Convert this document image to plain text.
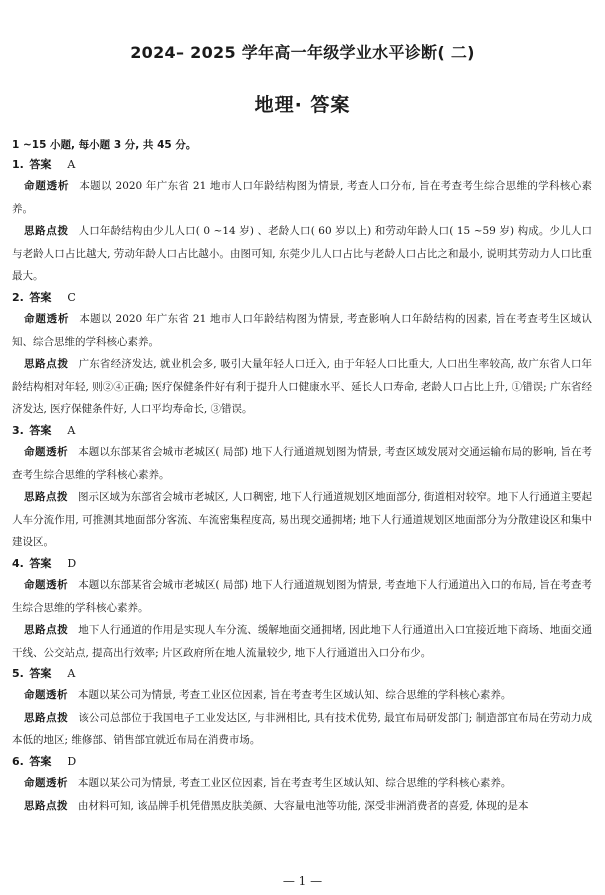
2024– 2025 学年高一年级学业水平诊断( 二)
地理· 答案
1 ~15 小题, 每小题 3 分, 共 45 分。
1. 答案 A

命题透析 本题以 2020 年广东省 21 地市人口年龄结构图为情景, 考查人口分布, 旨在考查考生综合思维的学科核心素养。

思路点拨 人口年龄结构由少儿人口( 0 ~14 岁) 、老龄人口( 60 岁以上) 和劳动年龄人口( 15 ~59 岁) 构成。少儿人口与老龄人口占比越大, 劳动年龄人口占比越小。由图可知, 东莞少儿人口占比与老龄人口占比之和最小, 说明其劳动力人口比重最大。

2. 答案 C

命题透析 本题以 2020 年广东省 21 地市人口年龄结构图为情景, 考查影响人口年龄结构的因素, 旨在考查考生区域认知、综合思维的学科核心素养。

思路点拨 广东省经济发达, 就业机会多, 吸引大量年轻人口迁入, 由于年轻人口比重大, 人口出生率较高, 故广东省人口年龄结构相对年轻, 则②④正确; 医疗保健条件好有利于提升人口健康水平、延长人口寿命, 老龄人口占比上升, ①错误; 广东省经济发达, 医疗保健条件好, 人口平均寿命长, ③错误。

3. 答案 A

命题透析 本题以东部某省会城市老城区( 局部) 地下人行通道规划图为情景, 考查区域发展对交通运输布局的影响, 旨在考查考生综合思维的学科核心素养。

思路点拨 图示区域为东部省会城市老城区, 人口稠密, 地下人行通道规划区地面部分, 街道相对较窄。地下人行通道主要起人车分流作用, 可推测其地面部分客流、车流密集程度高, 易出现交通拥堵; 地下人行通道规划区地面部分为分散建设区和集中建设区。

4. 答案 D

命题透析 本题以东部某省会城市老城区( 局部) 地下人行通道规划图为情景, 考查地下人行通道出入口的布局, 旨在考查考生综合思维的学科核心素养。

思路点拨 地下人行通道的作用是实现人车分流、缓解地面交通拥堵, 因此地下人行通道出入口宜接近地下商场、地面交通干线、公交站点, 提高出行效率; 片区政府所在地人流量较少, 地下人行通道出入口分布少。

5. 答案 A

命题透析 本题以某公司为情景, 考查工业区位因素, 旨在考查考生区域认知、综合思维的学科核心素养。

思路点拨 该公司总部位于我国电子工业发达区, 与非洲相比, 具有技术优势, 最宜布局研发部门; 制造部宜布局在劳动力成本低的地区; 维修部、销售部宜就近布局在消费市场。

6. 答案 D

命题透析 本题以某公司为情景, 考查工业区位因素, 旨在考查考生区域认知、综合思维的学科核心素养。

思路点拨 由材料可知, 该品牌手机凭借黑皮肤美颜、大容量电池等功能, 深受非洲消费者的喜爱, 体现的是本

— 1 —
